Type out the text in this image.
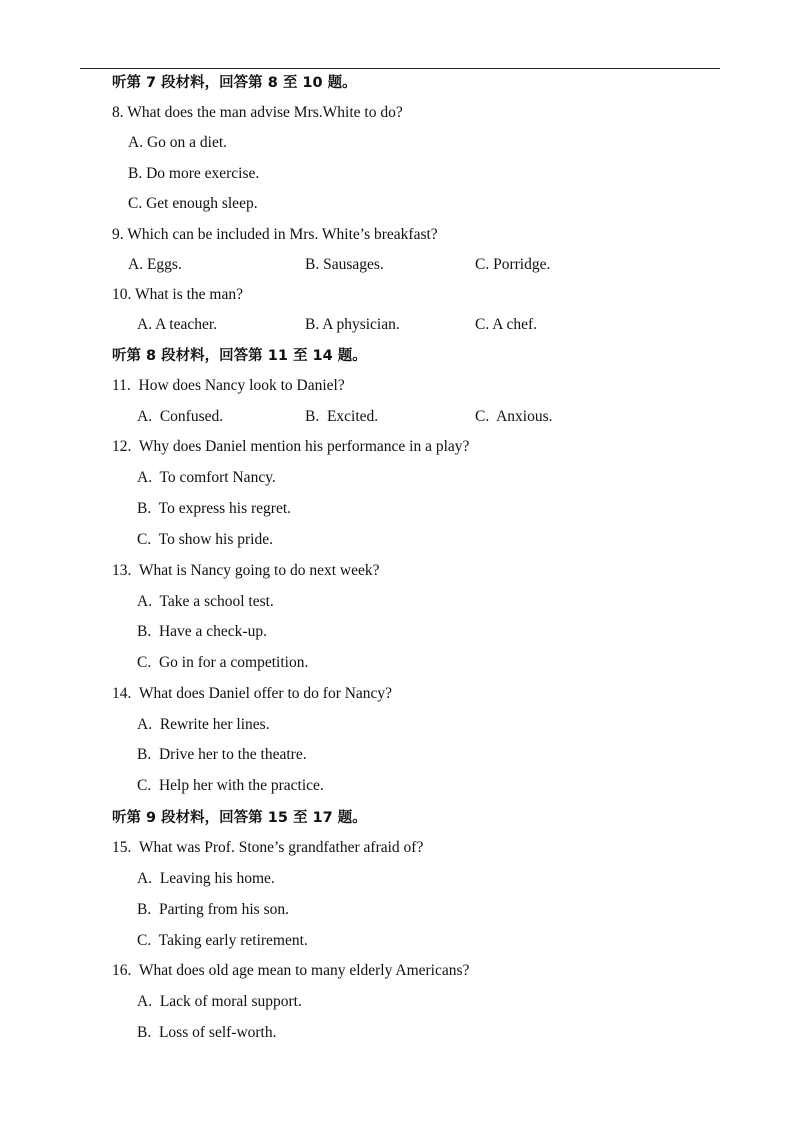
听第 7 段材料，回答第 8 至 10 题。
8. What does the man advise Mrs.White to do?
A. Go on a diet.
B. Do more exercise.
C. Get enough sleep.
9. Which can be included in Mrs. White’s breakfast?
A. Eggs.	B. Sausages.	C. Porridge.
10. What is the man?
A. A teacher.	B. A physician.	C. A chef.
听第 8 段材料，回答第 11 至 14 题。
11.  How does Nancy look to Daniel?
A.  Confused.	B.  Excited.	C.  Anxious.
12.  Why does Daniel mention his performance in a play?
A.  To comfort Nancy.
B.  To express his regret.
C.  To show his pride.
13.  What is Nancy going to do next week?
A.  Take a school test.
B.  Have a check-up.
C.  Go in for a competition.
14.  What does Daniel offer to do for Nancy?
A.  Rewrite her lines.
B.  Drive her to the theatre.
C.  Help her with the practice.
听第 9 段材料，回答第 15 至 17 题。
15.  What was Prof. Stone’s grandfather afraid of?
A.  Leaving his home.
B.  Parting from his son.
C.  Taking early retirement.
16.  What does old age mean to many elderly Americans?
A.  Lack of moral support.
B.  Loss of self-worth.
